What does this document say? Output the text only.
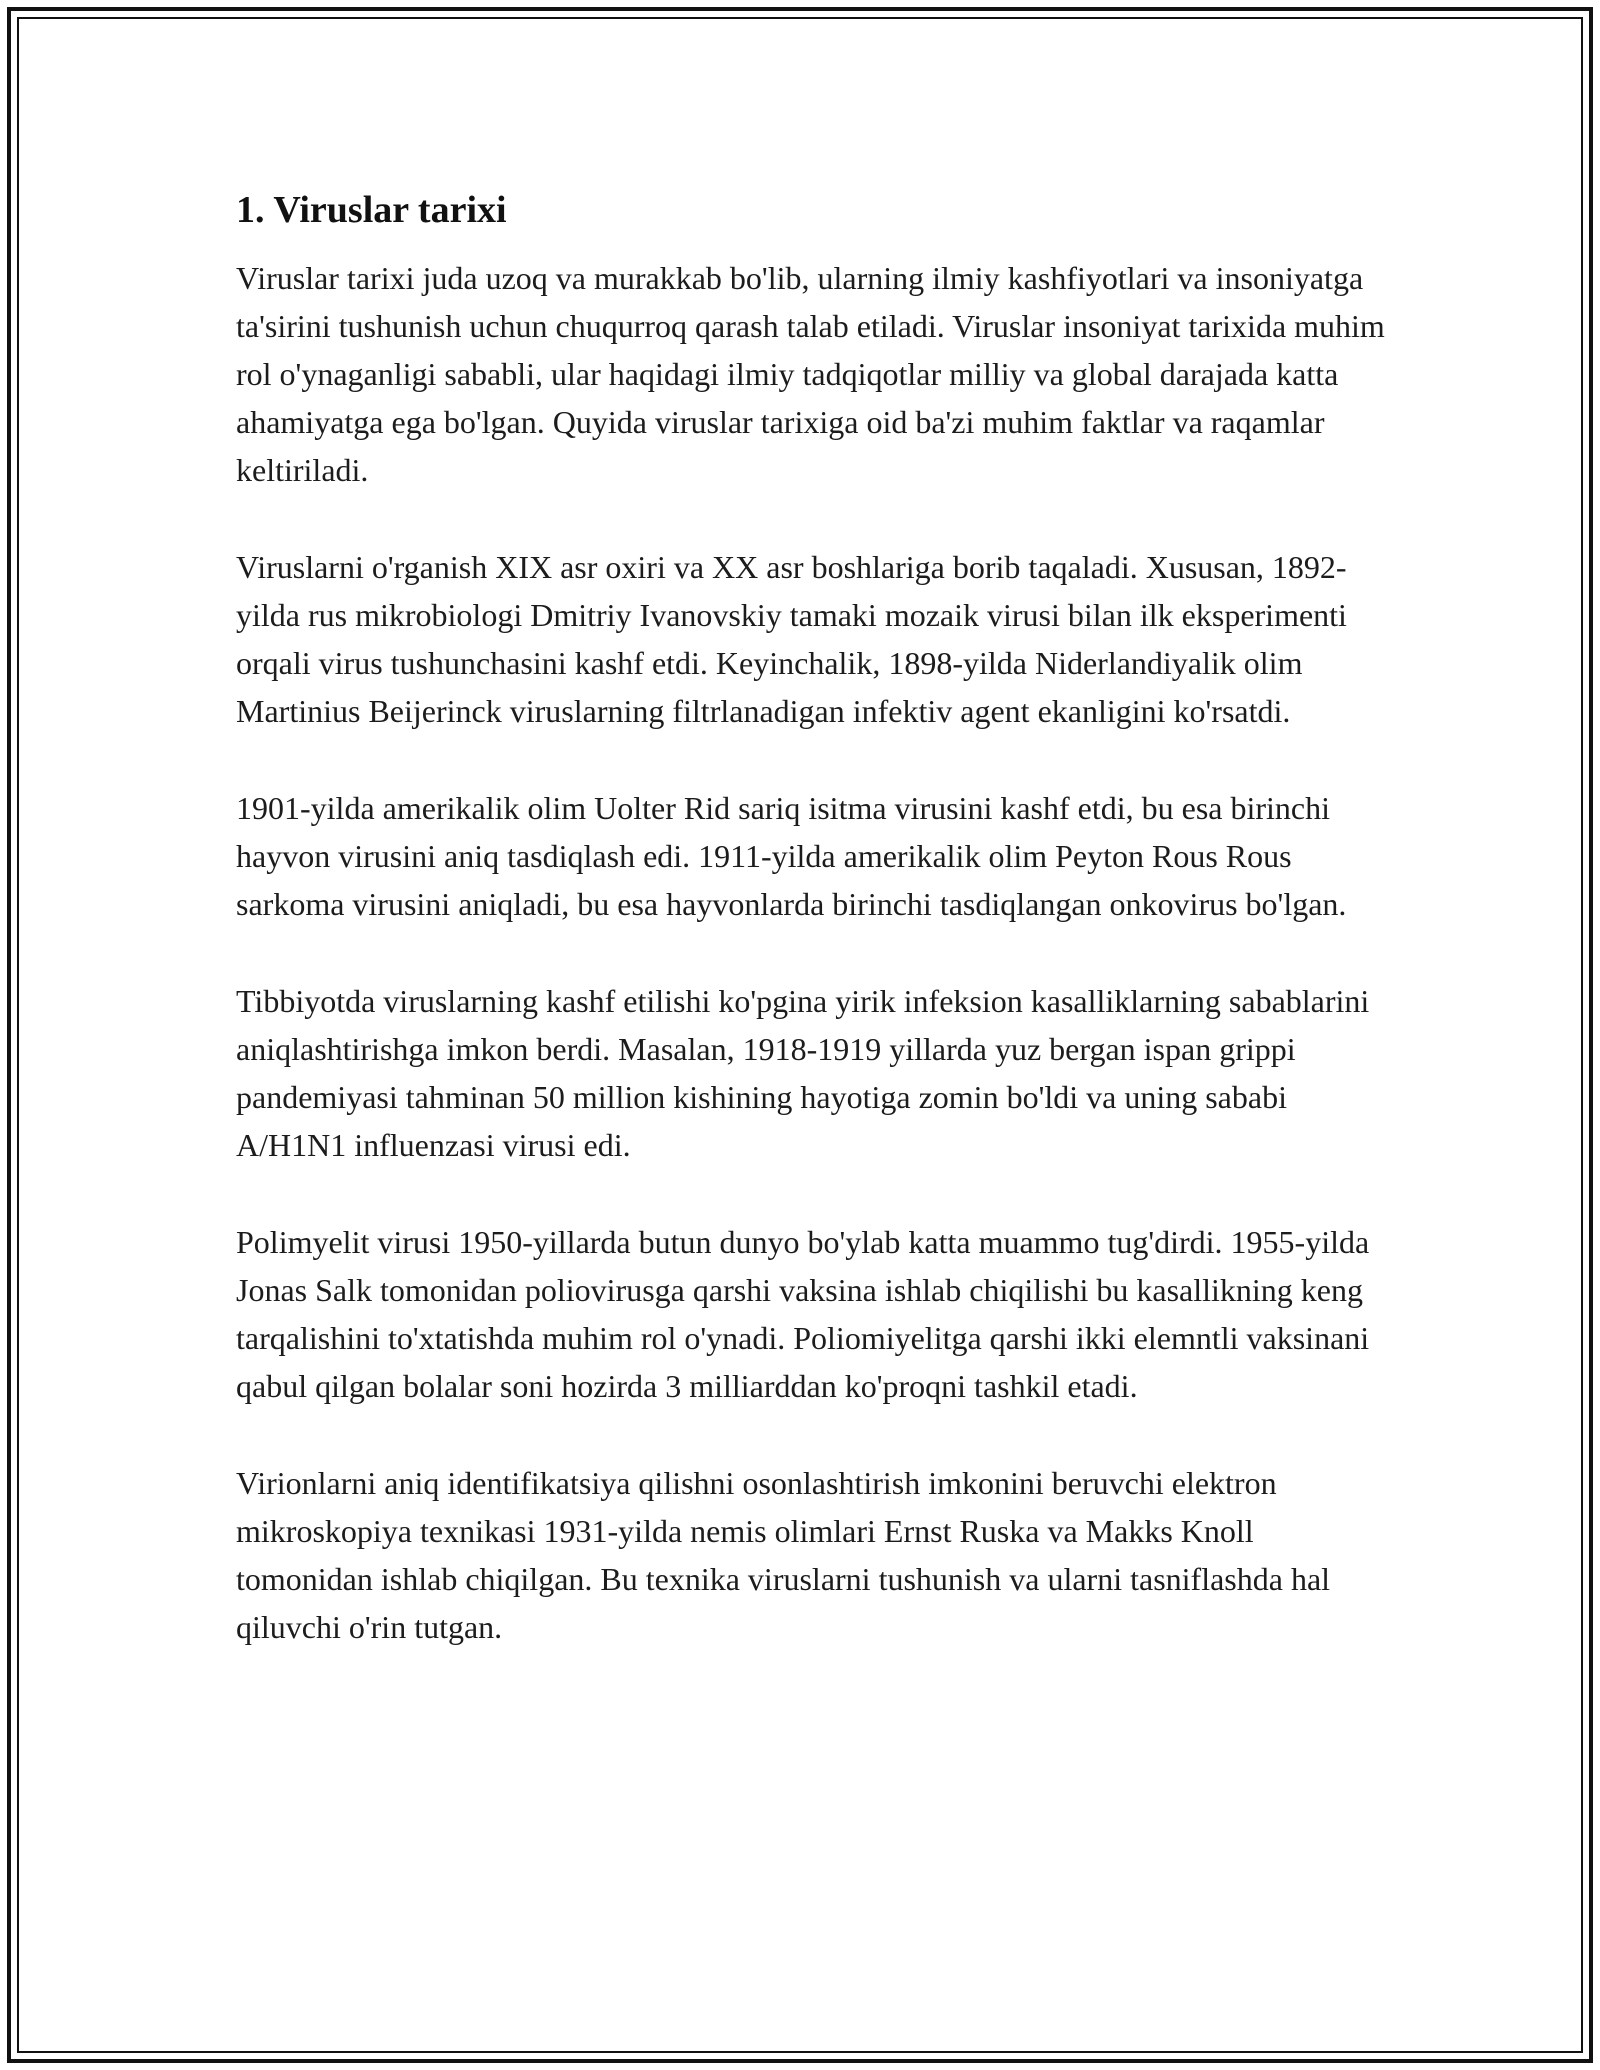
1. Viruslar tarixi

Viruslar tarixi juda uzoq va murakkab bo'lib, ularning ilmiy kashfiyotlari va insoniyatga ta'sirini tushunish uchun chuqurroq qarash talab etiladi. Viruslar insoniyat tarixida muhim rol o'ynaganligi sababli, ular haqidagi ilmiy tadqiqotlar milliy va global darajada katta ahamiyatga ega bo'lgan. Quyida viruslar tarixiga oid ba'zi muhim faktlar va raqamlar keltiriladi.

Viruslarni o'rganish XIX asr oxiri va XX asr boshlariga borib taqaladi. Xususan, 1892-yilda rus mikrobiologi Dmitriy Ivanovskiy tamaki mozaik virusi bilan ilk eksperimenti orqali virus tushunchasini kashf etdi. Keyinchalik, 1898-yilda Niderlandiyalik olim Martinius Beijerinck viruslarning filtrlanadigan infektiv agent ekanligini ko'rsatdi.

1901-yilda amerikalik olim Uolter Rid sariq isitma virusini kashf etdi, bu esa birinchi hayvon virusini aniq tasdiqlash edi. 1911-yilda amerikalik olim Peyton Rous Rous sarkoma virusini aniqladi, bu esa hayvonlarda birinchi tasdiqlangan onkovirus bo'lgan.

Tibbiyotda viruslarning kashf etilishi ko'pgina yirik infeksion kasalliklarning sabablarini aniqlashtirishga imkon berdi. Masalan, 1918-1919 yillarda yuz bergan ispan grippi pandemiyasi tahminan 50 million kishining hayotiga zomin bo'ldi va uning sababi A/H1N1 influenzasi virusi edi.

Polimyelit virusi 1950-yillarda butun dunyo bo'ylab katta muammo tug'dirdi. 1955-yilda Jonas Salk tomonidan poliovirusga qarshi vaksina ishlab chiqilishi bu kasallikning keng tarqalishini to'xtatishda muhim rol o'ynadi. Poliomiyelitga qarshi ikki elemntli vaksinani qabul qilgan bolalar soni hozirda 3 milliarddan ko'proqni tashkil etadi.

Virionlarni aniq identifikatsiya qilishni osonlashtirish imkonini beruvchi elektron mikroskopiya texnikasi 1931-yilda nemis olimlari Ernst Ruska va Makks Knoll tomonidan ishlab chiqilgan. Bu texnika viruslarni tushunish va ularni tasniflashda hal qiluvchi o'rin tutgan.
